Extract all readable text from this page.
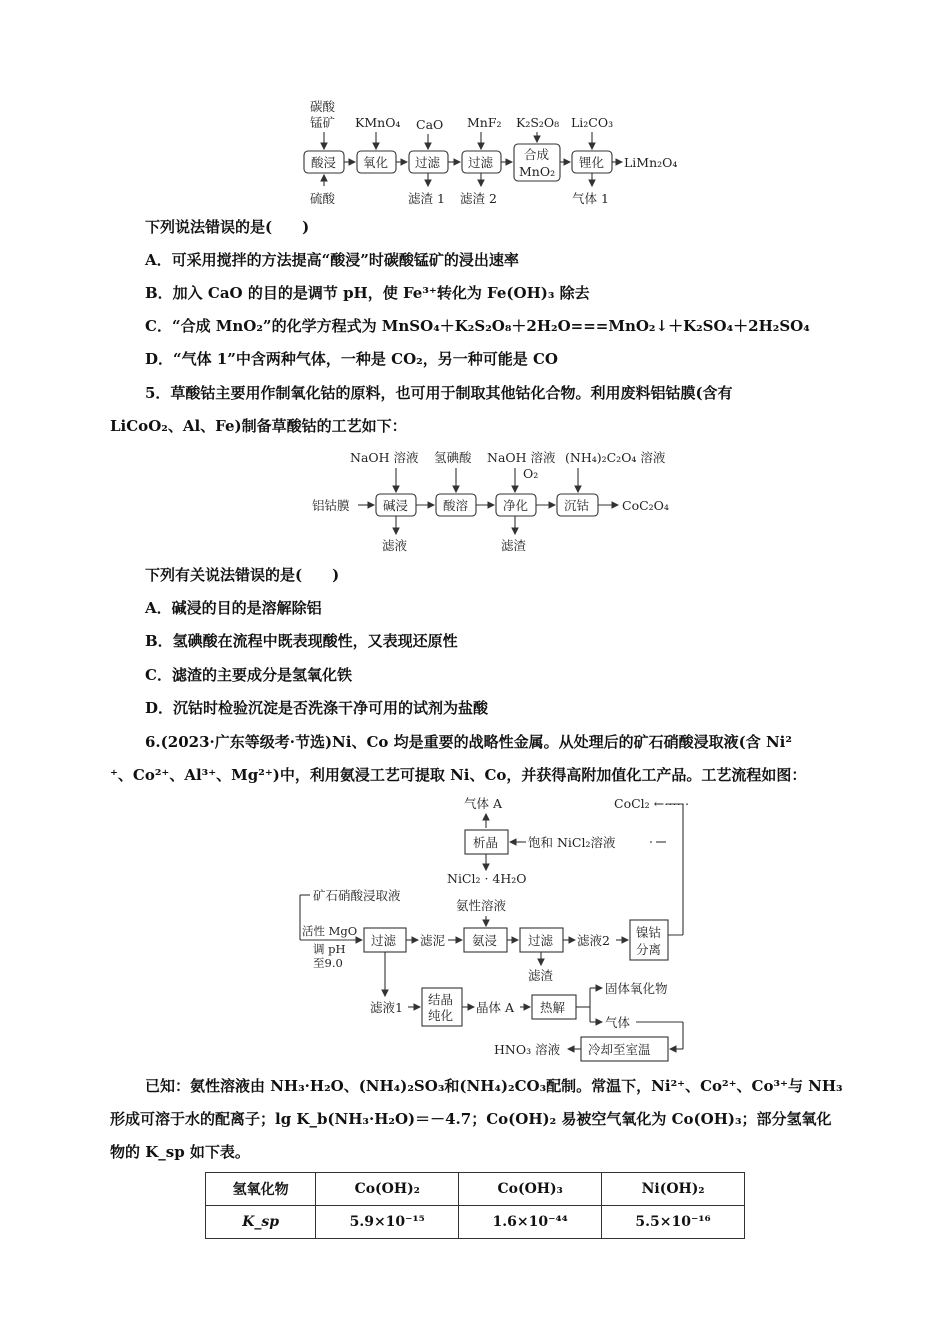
碳酸
锰矿 KMnO₄ CaO MnF₂ K₂S₂O₈ Li₂CO₃
酸浸 氧化 过滤 过滤
合成
MnO₂
锂化 LiMn₂O₄
硫酸	滤渣 1 滤渣 2	气体 1
下列说法错误的是(　　)
A．可采用搅拌的方法提高“酸浸”时碳酸锰矿的浸出速率
B．加入 CaO 的目的是调节 pH，使 Fe³⁺转化为 Fe(OH)₃ 除去
C．“合成 MnO₂”的化学方程式为 MnSO₄＋K₂S₂O₈＋2H₂O===MnO₂↓＋K₂SO₄＋2H₂SO₄
D．“气体 1”中含两种气体，一种是 CO₂，另一种可能是 CO
5．草酸钴主要用作制氧化钴的原料，也可用于制取其他钴化合物。利用废料铝钴膜(含有
LiCoO₂、Al、Fe)制备草酸钴的工艺如下：
NaOH 溶液 氢碘酸 NaOH 溶液
O₂
(NH₄)₂C₂O₄ 溶液
铝钴膜	碱浸	酸溶	净化	沉钴	CoC₂O₄
滤液	滤渣
下列有关说法错误的是(　　)
A．碱浸的目的是溶解除铝
B．氢碘酸在流程中既表现酸性，又表现还原性
C．滤渣的主要成分是氢氧化铁
D．沉钴时检验沉淀是否洗涤干净可用的试剂为盐酸
6.(2023·广东等级考·节选)Ni、Co 均是重要的战略性金属。从处理后的矿石硝酸浸取液(含 Ni²
⁺、Co²⁺、Al³⁺、Mg²⁺)中，利用氨浸工艺可提取 Ni、Co，并获得高附加值化工产品。工艺流程如图：
气体 A	CoCl₂ ←⋯⋯
析晶 饱和 NiCl₂溶液
NiCl₂ · 4H₂O
矿石硝酸浸取液
活性 MgO
调 pH
至9.0
过滤 滤泥
氨性溶液
氨浸 过滤 滤液2
镍钴
分离
滤渣
滤液1
结晶
纯化
晶体 A 热解
固体氧化物
气体
冷却至室温
HNO₃ 溶液
已知：氨性溶液由 NH₃·H₂O、(NH₄)₂SO₃和(NH₄)₂CO₃配制。常温下，Ni²⁺、Co²⁺、Co³⁺与 NH₃
形成可溶于水的配离子；lg K_b(NH₃·H₂O)＝－4.7；Co(OH)₂ 易被空气氧化为 Co(OH)₃；部分氢氧化
物的 K_sp 如下表。
氢氧化物	Co(OH)₂	Co(OH)₃	Ni(OH)₂
K_sp	5.9×10⁻¹⁵	1.6×10⁻⁴⁴	5.5×10⁻¹⁶
